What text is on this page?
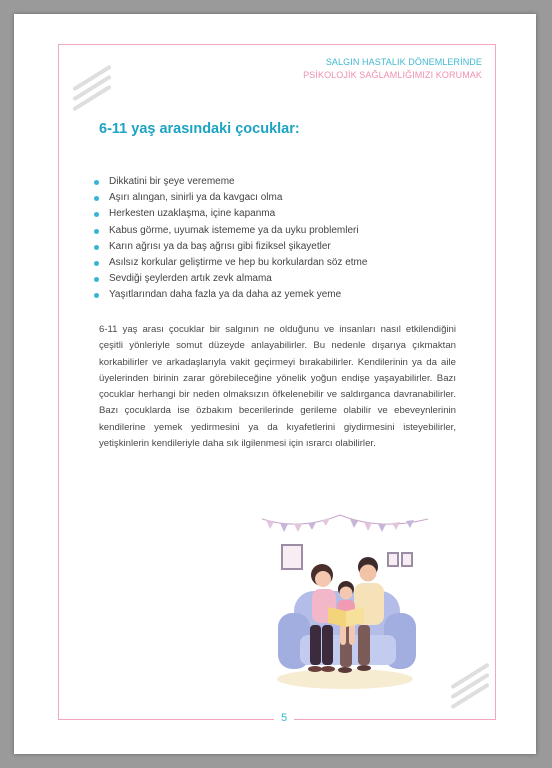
SALGIN HASTALIK DÖNEMLERİNDE
PSİKOLOJİK SAĞLAMLIĞIMIZI KORUMAK
6-11 yaş arasındaki çocuklar:
Dikkatini bir şeye verememe
Aşırı alıngan, sinirli ya da kavgacı olma
Herkesten uzaklaşma, içine kapanma
Kabus görme, uyumak istememe ya da uyku problemleri
Karın ağrısı ya da baş ağrısı gibi fiziksel şikayetler
Asılsız korkular geliştirme ve hep bu korkulardan söz etme
Sevdiği şeylerden artık zevk almama
Yaşıtlarından daha fazla ya da daha az yemek yeme
6-11 yaş arası çocuklar bir salgının ne olduğunu ve insanları nasıl etkilendiğini çeşitli yönleriyle somut düzeyde anlayabilirler. Bu nedenle dışarıya çıkmaktan korkabilirler ve arkadaşlarıyla vakit geçirmeyi bırakabilirler. Kendilerinin ya da aile üyelerinden birinin zarar görebileceğine yönelik yoğun endişe yaşayabilirler. Bazı çocuklar herhangi bir neden olmaksızın öfkelenebilir ve saldırganca davranabilirler. Bazı çocuklarda ise özbakım becerilerinde gerileme olabilir ve ebeveynlerinin kendilerine yemek yedirmesini ya da kıyafetlerini giydirmesini isteyebilirler, yetişkinlerin kendileriyle daha sık ilgilenmesi için ısrarcı olabilirler.
5
